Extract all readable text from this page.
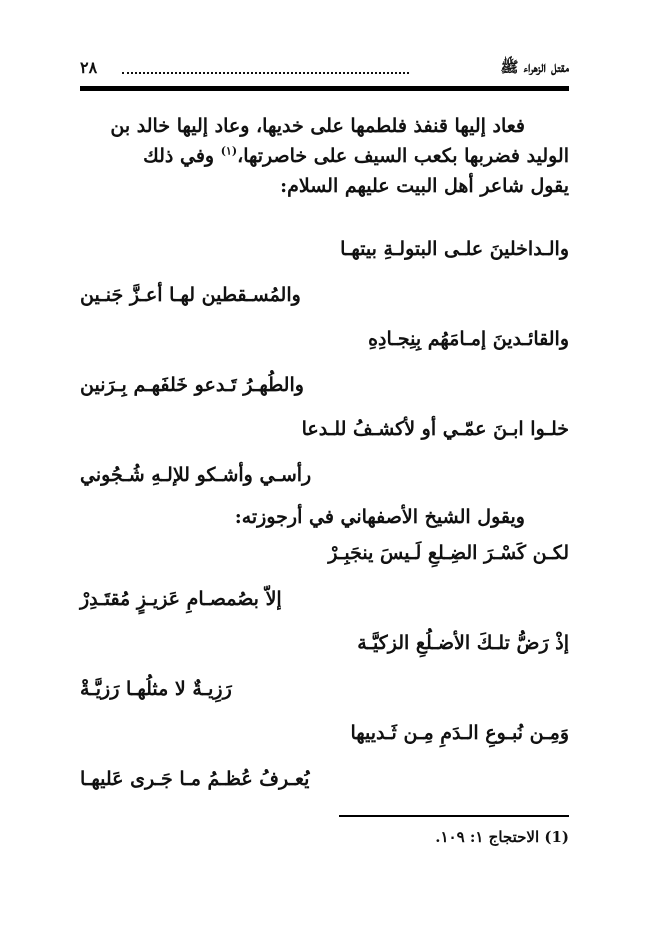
مقتل الزهراء ﷺ
٢٨
فعاد إليها قنفذ فلطمها على خديها، وعاد إليها خالد بن
الوليد فضربها بكعب السيف على خاصرتها،$^{(١)}$ وفي ذلك
يقول شاعر أهل البيت عليهم السلام:
والـداخلينَ علـى البتولـةِ بيتهـا
والمُسـقطين لهـا أعـزَّ جَنـين
والقائـدينَ إمـامَهُم بِنِجـادِهِ
والطُهـرُ تَـدعو خَلفَهـم بِـرَنين
خلـوا ابـنَ عمّـي أو لأكشـفُ للـدعا
رأسـي وأشـكو للإلـهِ شُـجُوني
ويقول الشيخ الأصفهاني في أرجوزته:
لكـن كَسْـرَ الضِـلعِ لَـيسَ ينجَبِـرْ
إلاّ بصُمصـامِ عَزيـزٍ مُقتَـدِرْ
إذْ رَضُّ تلـكَ الأضـلُعِ الزكيَّـة
رَزِيـةٌ لا مثلُهـا رَزيَّـةْ
وَمِـن نُبـوعِ الـدَمِ مِـن ثَـدييها
يُعـرفُ عُظـمُ مـا جَـرى عَليهـا
(1) الاحتجاج ١: ١٠٩.
